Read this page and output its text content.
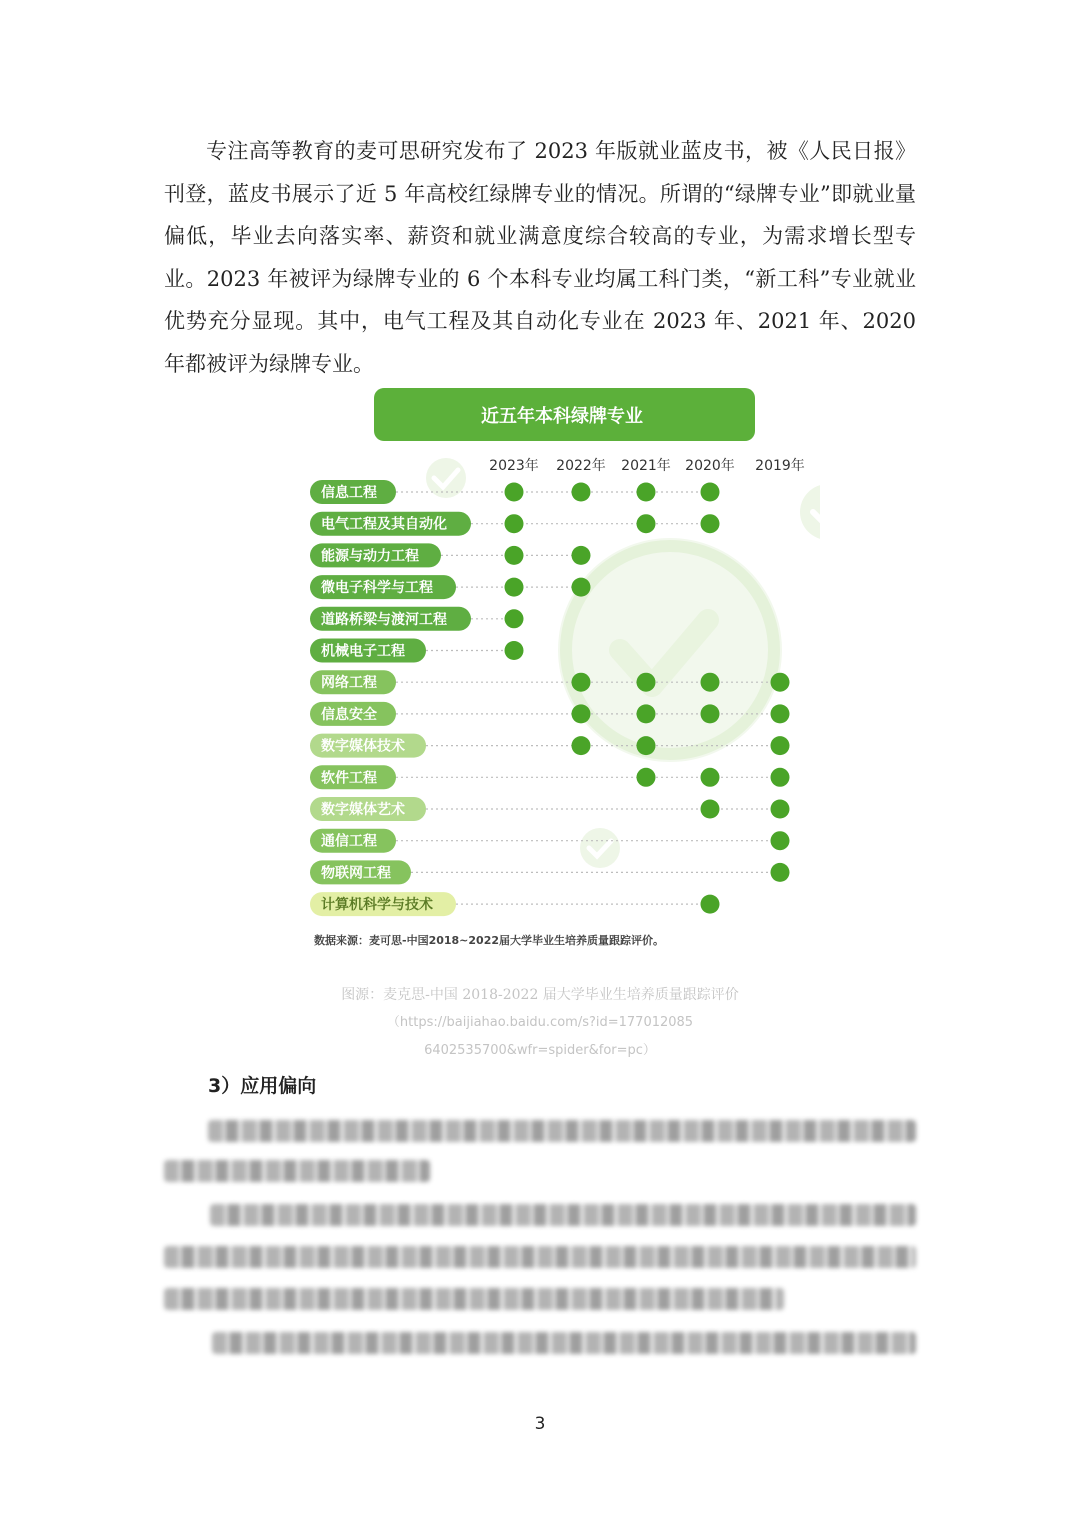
专注高等教育的麦可思研究发布了 2023 年版就业蓝皮书，被《人民日报》刊登，蓝皮书展示了近 5 年高校红绿牌专业的情况。所谓的“绿牌专业”即就业量偏低，毕业去向落实率、薪资和就业满意度综合较高的专业，为需求增长型专业。2023 年被评为绿牌专业的 6 个本科专业均属工科门类，“新工科”专业就业优势充分显现。其中，电气工程及其自动化专业在 2023 年、2021 年、2020 年都被评为绿牌专业。

近五年本科绿牌专业
2023年 2022年 2021年 2020年 2019年
信息工程
电气工程及其自动化
能源与动力工程
微电子科学与工程
道路桥梁与渡河工程
机械电子工程
网络工程
信息安全
数字媒体技术
软件工程
数字媒体艺术
通信工程
物联网工程
计算机科学与技术
数据来源：麦可思-中国2018~2022届大学毕业生培养质量跟踪评价。
图源：麦克思-中国 2018-2022 届大学毕业生培养质量跟踪评价
（https://baijiahao.baidu.com/s?id=177012085
6402535700&wfr=spider&for=pc）
3）应用偏向
3
